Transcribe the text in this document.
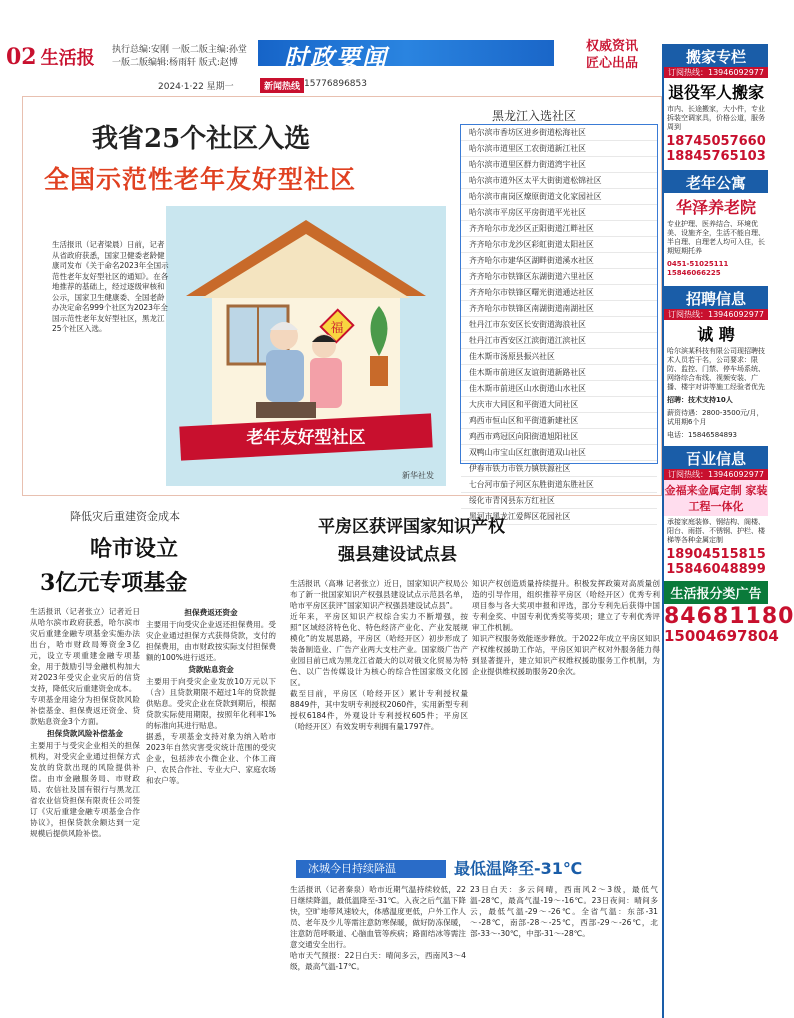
02 生活报 执行总编:安刚 一版二版主编:孙堂
一版二版编辑:杨雨轩 版式:赵博	时政要闻	权威资讯
匠心出品
2024·1·22 星期一	新闻热线 15776896853
我省25个社区入选
全国示范性老年友好型社区
福
老年友好型社区
新华社发
生活报讯（记者梁晨）日前，记者从省政府获悉，国家卫健委老龄健康司发布《关于命名2023年全国示范性老年友好型社区的通知》。在各地推荐的基础上，经过逐级审核和公示，国家卫生健康委、全国老龄办决定命名999个社区为2023年全国示范性老年友好型社区，黑龙江25个社区入选。
黑龙江入选社区
哈尔滨市香坊区进乡街道松海社区
哈尔滨市道里区工农街道新江社区
哈尔滨市道里区群力街道湾宇社区
哈尔滨市道外区太平大街街道松锦社区
哈尔滨市南岗区燎原街道文化家园社区
哈尔滨市平房区平房街道平光社区
齐齐哈尔市龙沙区正阳街道江畔社区
齐齐哈尔市龙沙区彩虹街道太阳社区
齐齐哈尔市建华区湖畔街道溪水社区
齐齐哈尔市铁锋区东湖街道六里社区
齐齐哈尔市铁锋区曙光街道通达社区
齐齐哈尔市铁锋区南湖街道南湖社区
牡丹江市东安区长安街道海浪社区
牡丹江市西安区江滨街道江滨社区
佳木斯市汤原县振兴社区
佳木斯市前进区友谊街道新路社区
佳木斯市前进区山水街道山水社区
大庆市大同区和平街道大同社区
鸡西市恒山区和平街道新建社区
鸡西市鸡冠区向阳街道旭阳社区
双鸭山市宝山区红旗街道双山社区
伊春市铁力市铁力镇铁源社区
七台河市茄子河区东胜街道东胜社区
绥化市青冈县东方红社区
黑河市黑龙江爱辉区花园社区
降低灾后重建资金成本
哈市设立
3亿元专项基金

生活报讯（记者张立）记者近日从哈尔滨市政府获悉，哈尔滨市灾后重建金融专项基金实施办法出台，哈市财政局筹资金3亿元，设立专项重建金融专项基金，用于鼓励引导金融机构加大对2023年受灾企业灾后的信贷支持，降低灾后重建资金成本。

专项基金用途分为担保贷款风险补偿基金、担保费返还资金、贷款贴息资金3个方面。

担保贷款风险补偿基金

主要用于与受灾企业相关的担保机构，对受灾企业通过担保方式发放的贷款出现的风险提供补偿。由市金融服务局、市财政局、农信社及国有银行与黑龙江省农业信贷担保有限责任公司签订《灾后重建金融专项基金合作协议》，担保贷款余额达到一定规模后提供风险补偿。

担保费返还资金

主要用于向受灾企业返还担保费用。受灾企业通过担保方式获得贷款，支付的担保费用，由市财政按实际支付担保费额的100%进行返还。

贷款贴息资金

主要用于向受灾企业发放10万元以下（含）且贷款期限不超过1年的贷款提供贴息。受灾企业在贷款到期后，根据贷款实际使用期限，按照年化利率1%的标准向其进行贴息。

据悉，专项基金支持对象为纳入哈市2023年自然灾害受灾统计范围的受灾企业，包括涉农小微企业、个体工商户、农民合作社、专业大户、家庭农场和农户等。

平房区获评国家知识产权
强县建设试点县

生活报讯（高琳 记者张立）近日，国家知识产权局公布了新一批国家知识产权强县建设试点示范县名单，哈市平房区获评“国家知识产权强县建设试点县”。

近年来，平房区知识产权综合实力不断增强，按照“区域经济特色化、特色经济产业化、产业发展规模化”的发展思路，平房区（哈经开区）初步形成了装备制造业、广告产业两大支柱产业。国家级广告产业园目前已成为黑龙江省最大的以对俄文化贸易为特色、以广告传媒设计为核心的综合性国家级文化园区。

截至目前，平房区（哈经开区）累计专利授权量8849件，其中发明专利授权2060件，实用新型专利授权6184件，外观设计专利授权605件；平房区（哈经开区）有效发明专利拥有量1797件。

知识产权创造质量持续提升。积极发挥政策对高质量创造的引导作用，组织推荐平房区（哈经开区）优秀专利项目参与各大奖项申报和评选，部分专利先后获得中国专利金奖、中国专利优秀奖等奖项；建立了专利优秀评审工作机制。

知识产权服务效能逐步释放。于2022年成立平房区知识产权维权援助工作站，平房区知识产权对外服务能力得到显著提升，建立知识产权维权援助服务工作机制，为企业提供维权援助服务20余次。

冰城今日持续降温	最低温降至-31℃

生活报讯（记者秦泉）哈市近期气温持续较低，22日继续降温，最低温降至-31℃。入夜之后气温下降快，空旷地带风速较大，体感温度更低，户外工作人员、老年及少儿等需注意防寒保暖，做好防冻保暖，注意防范呼吸道、心脑血管等疾病；路面结冰等需注意交通安全出行。

哈市天气预报：22日白天：晴间多云，西南风3～4级，最高气温-17℃。

23日白天：多云间晴，西南风2～3级，最低气温-28℃，最高气温-19～-16℃。23日夜间：晴间多云，最低气温-29～-26℃。全省气温：东部-31～-28℃，南部-28～-25℃，西部-29～-26℃，北部-33～-30℃，中部-31～-28℃。

搬家专栏
订阅热线：13946092977
退役军人搬家
市内、长途搬家，大小件，专业拆装空调家具，价格公道，服务周到
18745057660
18845765103
老年公寓
华泽养老院
专业护理、医养结合、环境优美、设施齐全，生活不能自理、半自理、自理老人均可入住，长期短期托养
0451-51025111 15846066225
招聘信息
订阅热线：13946092977
诚 聘
哈尔滨某科技有限公司现招聘技术人员若干名，公司要求：限防、监控、门禁、停车场系统、网络综合布线、视频安装、广播、楼宇对讲等施工经验者优先
招聘：技术支持10人
薪资待遇：2800-3500元/月，试用期6个月
电话：15846584893
百业信息
订阅热线：13946092977
金福来金属定制 家装工程一体化
承接家庭装修、钢结构、阁楼、阳台、雨搭、不锈钢、护栏、楼梯等各种金属定制
18904515815
15846048899
生活报分类广告
84681180
15004697804
